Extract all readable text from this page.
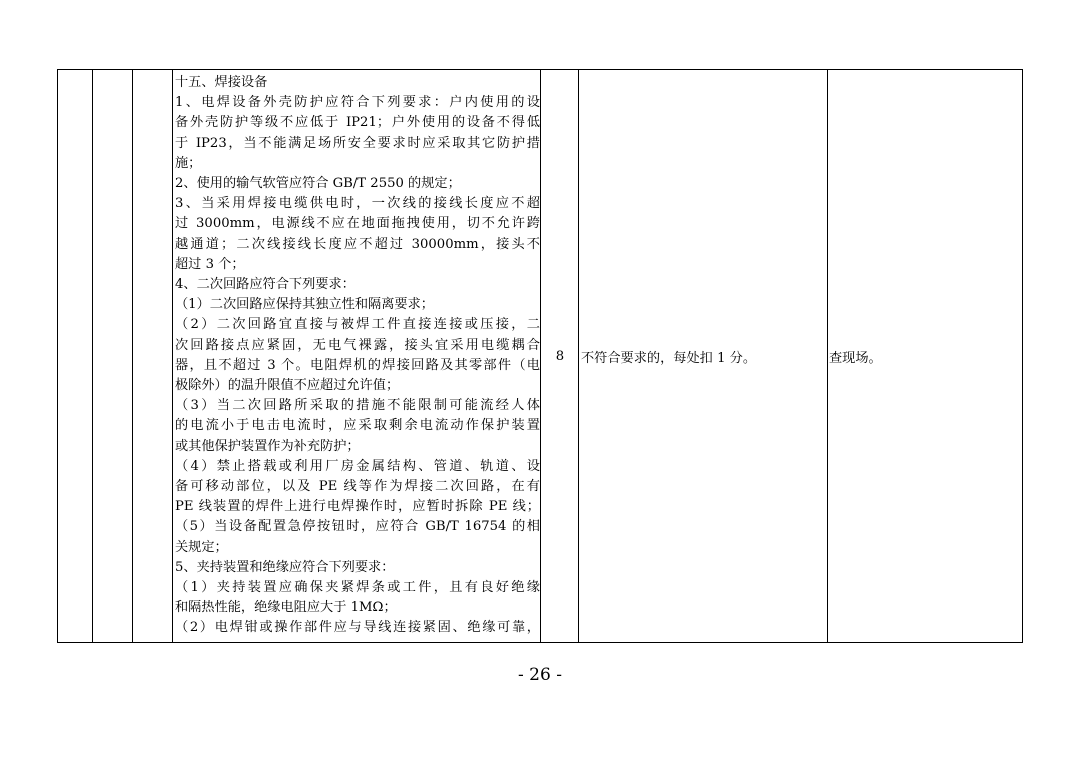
十五、焊接设备
1、电焊设备外壳防护应符合下列要求：户内使用的设
备外壳防护等级不应低于 IP21；户外使用的设备不得低
于 IP23，当不能满足场所安全要求时应采取其它防护措
施；
2、使用的输气软管应符合 GB/T 2550 的规定；
3、当采用焊接电缆供电时，一次线的接线长度应不超
过 3000mm，电源线不应在地面拖拽使用，切不允许跨
越通道；二次线接线长度应不超过 30000mm，接头不
超过 3 个；
4、二次回路应符合下列要求：
（1）二次回路应保持其独立性和隔离要求；
（2）二次回路宜直接与被焊工件直接连接或压接，二
次回路接点应紧固，无电气裸露，接头宜采用电缆耦合
器，且不超过 3 个。电阻焊机的焊接回路及其零部件（电
极除外）的温升限值不应超过允许值；
（3）当二次回路所采取的措施不能限制可能流经人体
的电流小于电击电流时，应采取剩余电流动作保护装置
或其他保护装置作为补充防护；
（4）禁止搭载或利用厂房金属结构、管道、轨道、设
备可移动部位，以及 PE 线等作为焊接二次回路，在有
PE 线装置的焊件上进行电焊操作时，应暂时拆除 PE 线；
（5）当设备配置急停按钮时，应符合 GB/T 16754 的相
关规定；
5、夹持装置和绝缘应符合下列要求：
（1）夹持装置应确保夹紧焊条或工件，且有良好绝缘
和隔热性能，绝缘电阻应大于 1MΩ；
（2）电焊钳或操作部件应与导线连接紧固、绝缘可靠，
8 不符合要求的，每处扣 1 分。	查现场。
- 26 -
